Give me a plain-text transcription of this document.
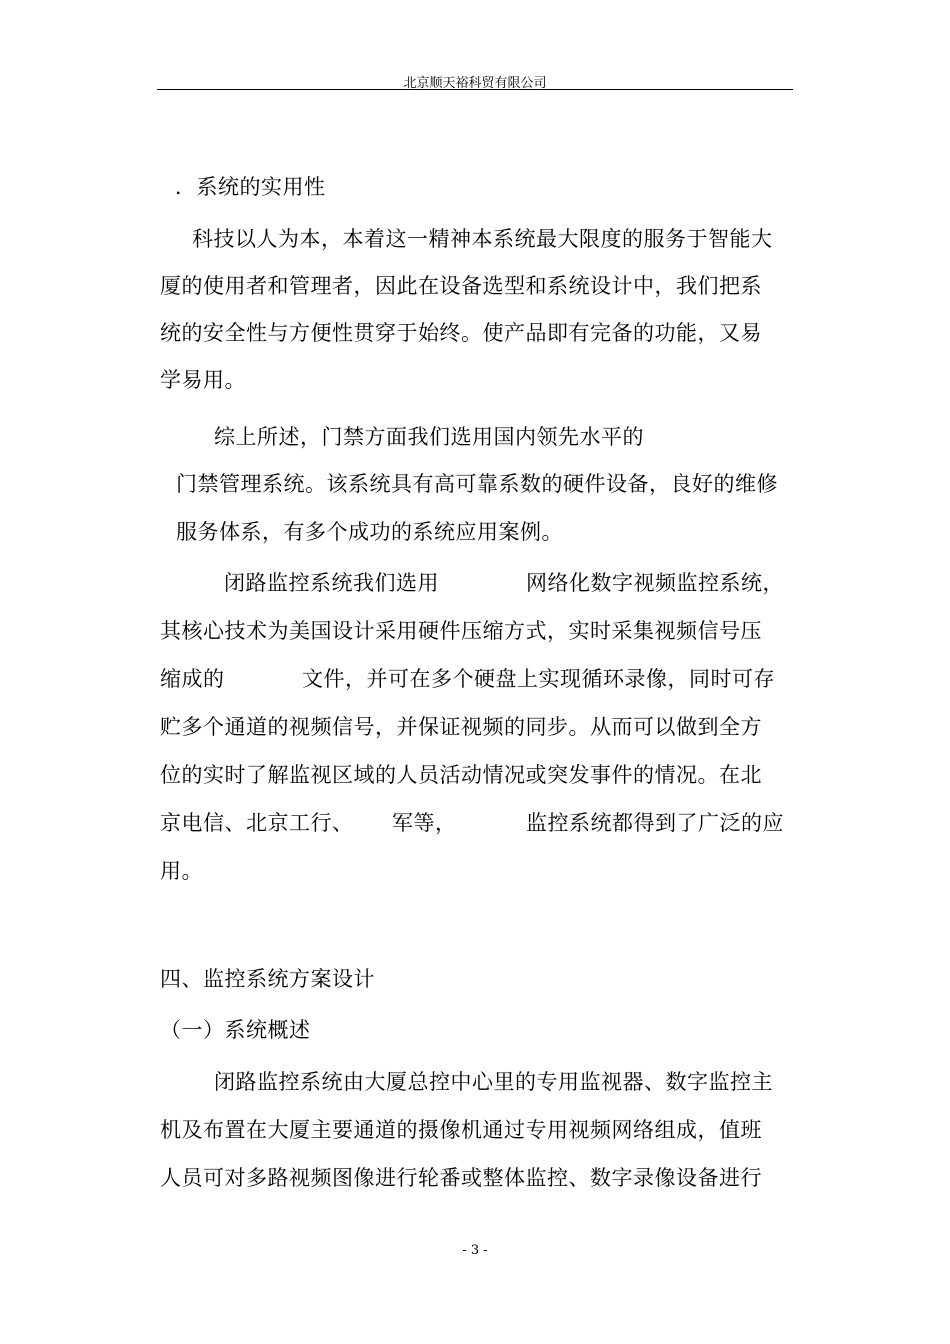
北京顺天裕科贸有限公司
．系统的实用性
科技以人为本，本着这一精神本系统最大限度的服务于智能大
厦的使用者和管理者，因此在设备选型和系统设计中，我们把系
统的安全性与方便性贯穿于始终。使产品即有完备的功能，又易
学易用。
综上所述，门禁方面我们选用国内领先水平的
门禁管理系统。该系统具有高可靠系数的硬件设备，良好的维修
服务体系，有多个成功的系统应用案例。
闭路监控系统我们选用	网络化数字视频监控系统，
其核心技术为美国设计采用硬件压缩方式，实时采集视频信号压
缩成的	文件，并可在多个硬盘上实现循环录像，同时可存
贮多个通道的视频信号，并保证视频的同步。从而可以做到全方
位的实时了解监视区域的人员活动情况或突发事件的情况。在北
京电信、北京工行、 军等，	监控系统都得到了广泛的应
用。
四、监控系统方案设计
（一）系统概述
闭路监控系统由大厦总控中心里的专用监视器、数字监控主
机及布置在大厦主要通道的摄像机通过专用视频网络组成，值班
人员可对多路视频图像进行轮番或整体监控、数字录像设备进行
- 3 -
